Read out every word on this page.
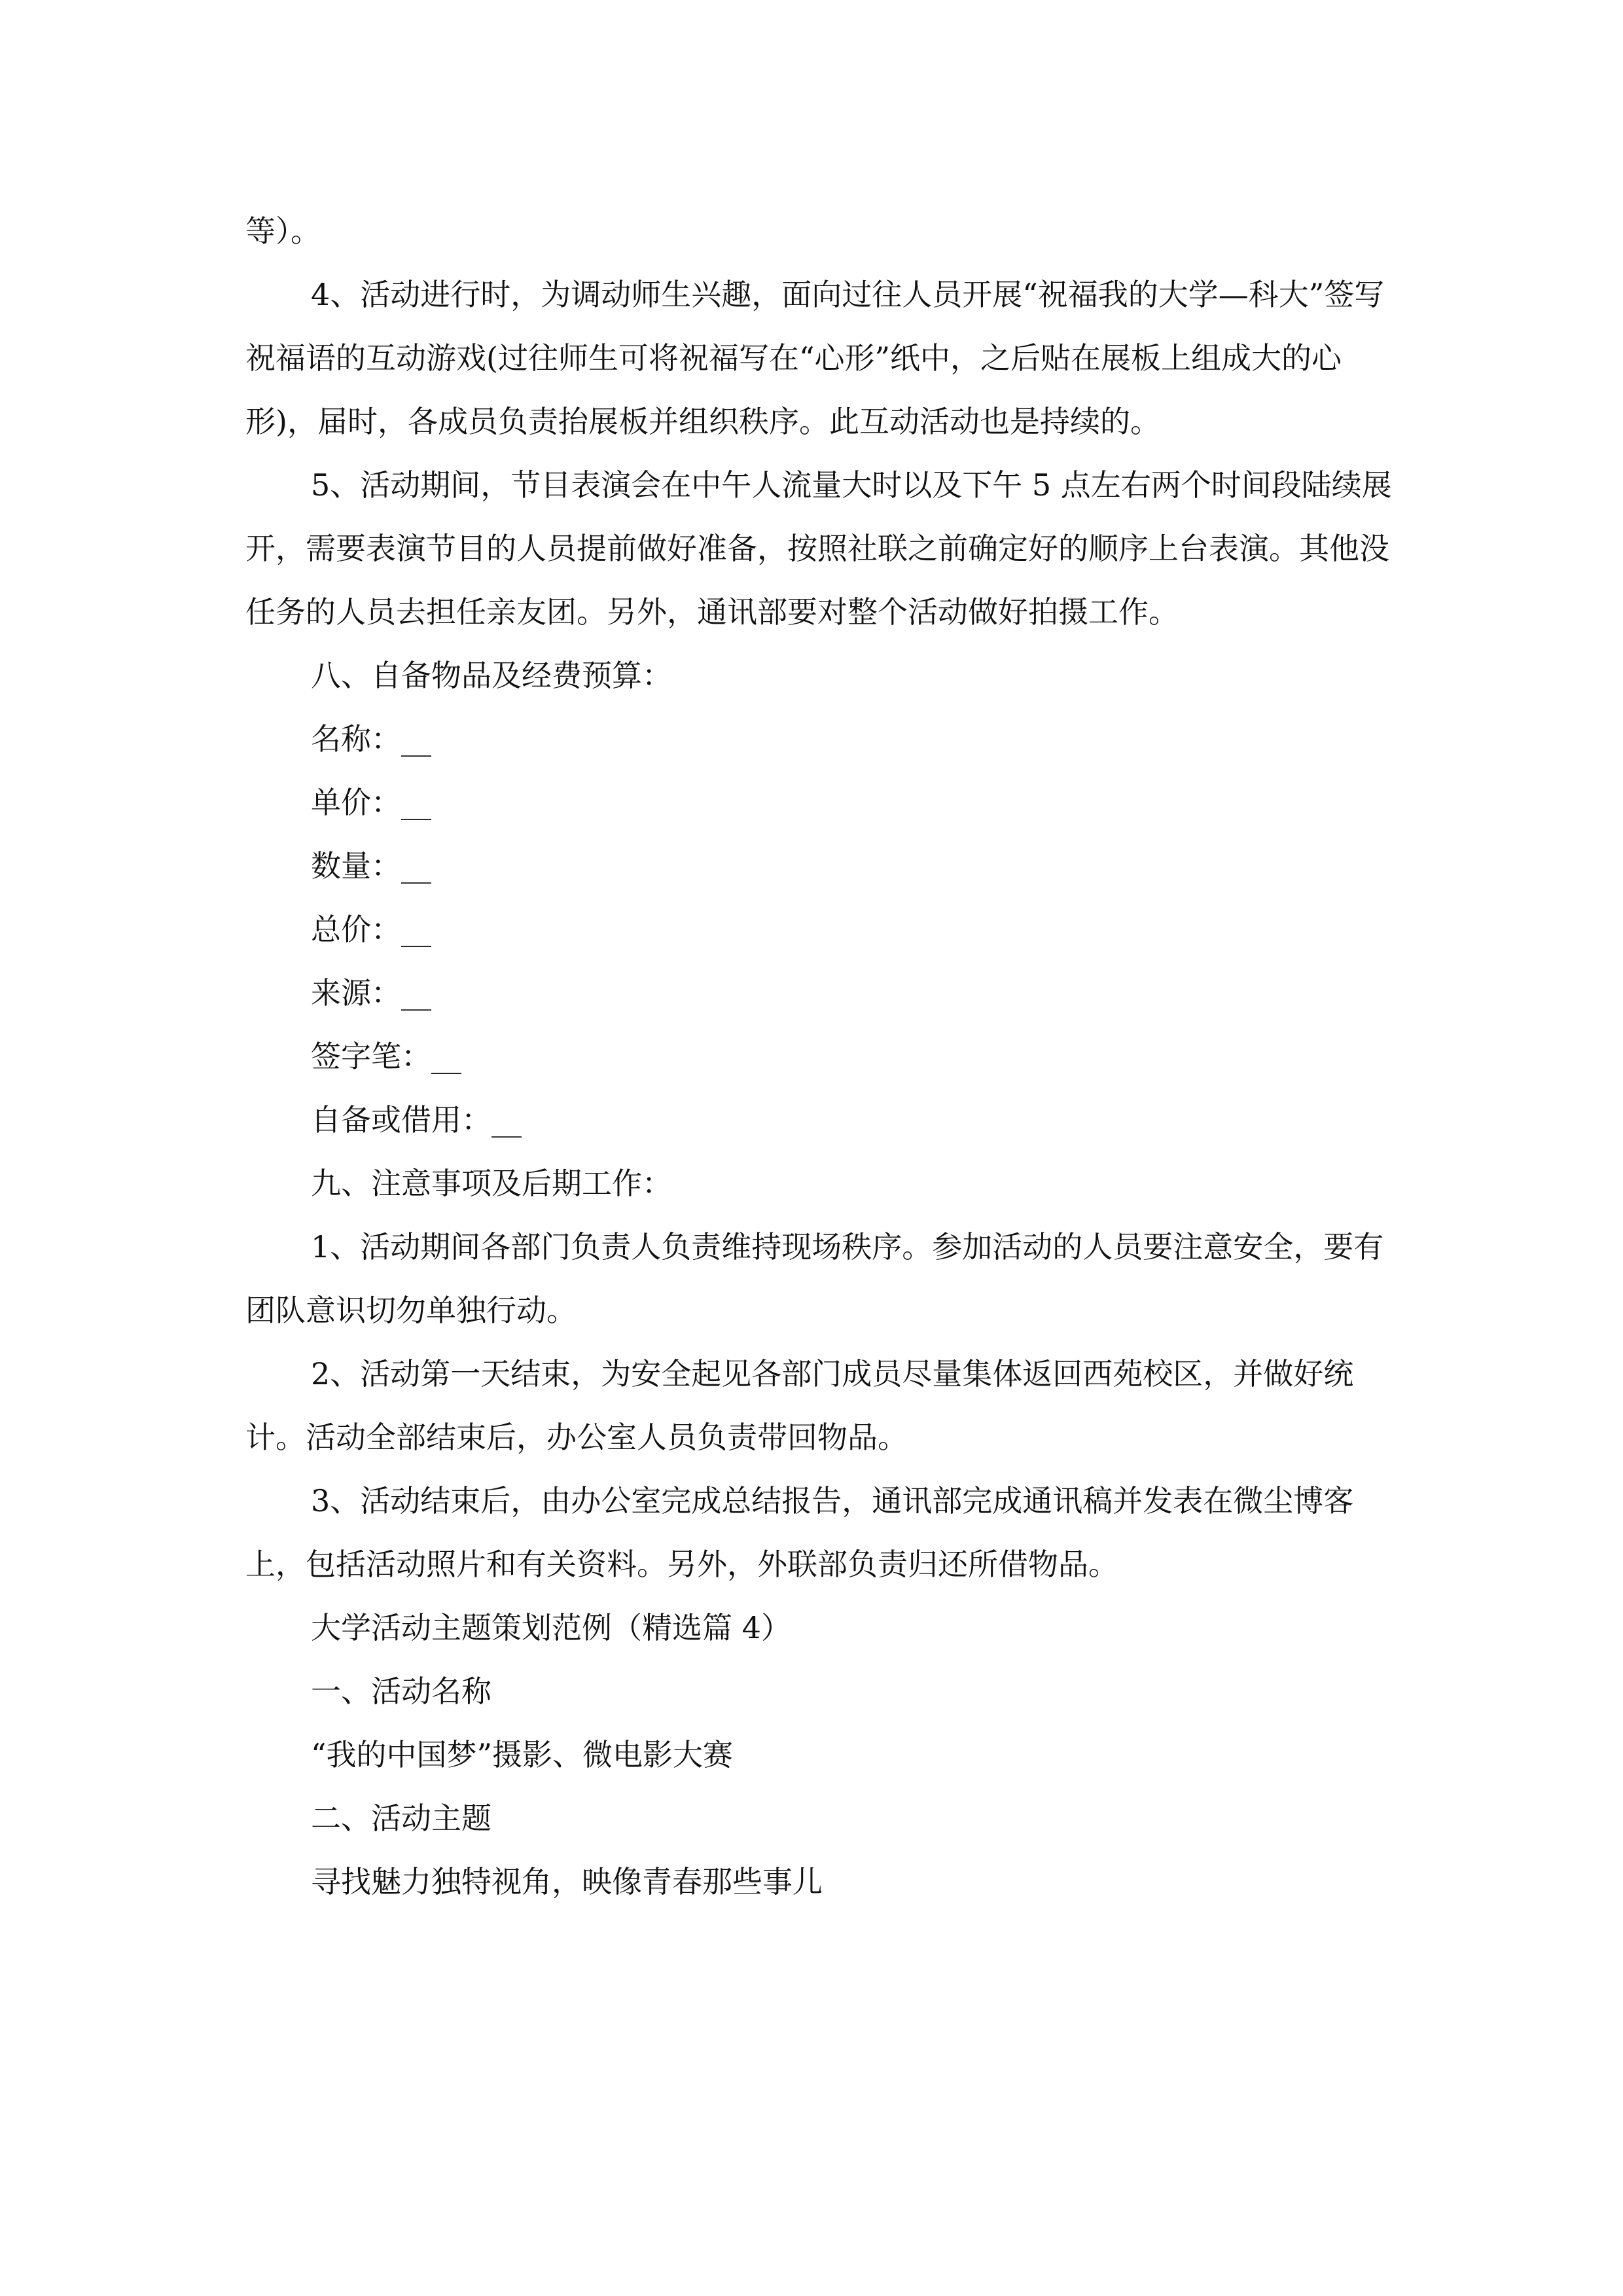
等）。

4、活动进行时，为调动师生兴趣，面向过往人员开展“祝福我的大学—科大”签写祝福语的互动游戏(过往师生可将祝福写在“心形”纸中，之后贴在展板上组成大的心形)，届时，各成员负责抬展板并组织秩序。此互动活动也是持续的。

5、活动期间，节目表演会在中午人流量大时以及下午 5 点左右两个时间段陆续展开，需要表演节目的人员提前做好准备，按照社联之前确定好的顺序上台表演。其他没任务的人员去担任亲友团。另外，通讯部要对整个活动做好拍摄工作。

八、自备物品及经费预算：

名称：__

单价：__

数量：__

总价：__

来源：__

签字笔：__

自备或借用：__

九、注意事项及后期工作：

1、活动期间各部门负责人负责维持现场秩序。参加活动的人员要注意安全，要有团队意识切勿单独行动。

2、活动第一天结束，为安全起见各部门成员尽量集体返回西苑校区，并做好统计。活动全部结束后，办公室人员负责带回物品。

3、活动结束后，由办公室完成总结报告，通讯部完成通讯稿并发表在微尘博客上，包括活动照片和有关资料。另外，外联部负责归还所借物品。

大学活动主题策划范例（精选篇 4）

一、活动名称

“我的中国梦”摄影、微电影大赛

二、活动主题

寻找魅力独特视角，映像青春那些事儿
